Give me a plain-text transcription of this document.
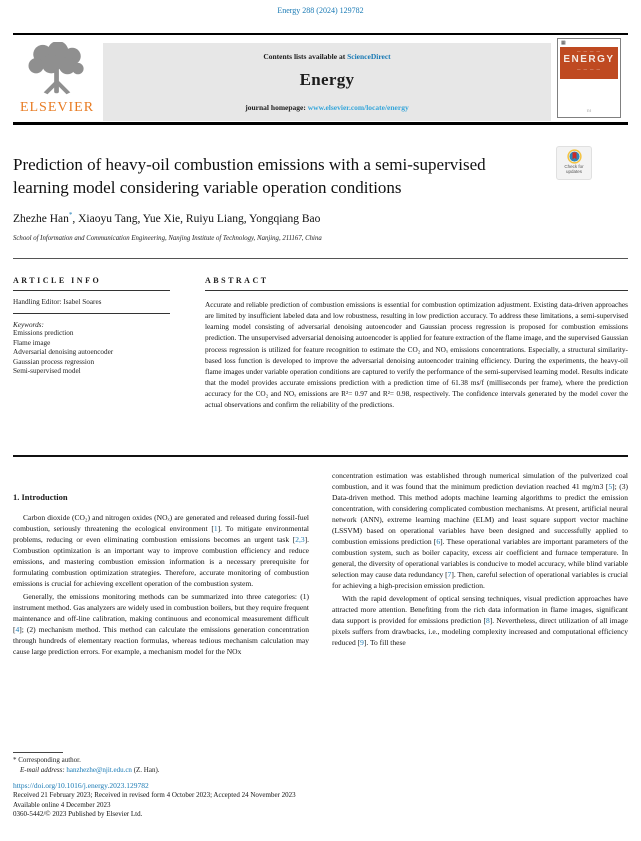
Energy 288 (2024) 129782
ELSEVIER
Contents lists available at ScienceDirect
Energy
journal homepage: www.elsevier.com/locate/energy
▦
— — — —
ENERGY
— — — —
⌇⌇⌇
Prediction of heavy-oil combustion emissions with a semi-supervised learning model considering variable operation conditions
Check for
updates
Zhezhe Han*, Xiaoyu Tang, Yue Xie, Ruiyu Liang, Yongqiang Bao
School of Information and Communication Engineering, Nanjing Institute of Technology, Nanjing, 211167, China
ARTICLE INFO
Handling Editor: Isabel Soares
Keywords:
Emissions prediction
Flame image
Adversarial denoising autoencoder
Gaussian process regression
Semi-supervised model
ABSTRACT
Accurate and reliable prediction of combustion emissions is essential for combustion optimization adjustment. Existing data-driven approaches are limited by insufficient labeled data and low robustness, resulting in low prediction accuracy. To address these limitations, a semi-supervised learning model consisting of adversarial denoising autoencoder and Gaussian process regression is proposed for combustion emissions prediction. The unsupervised adversarial denoising autoencoder is applied for feature extraction of the flame image, and the supervised Gaussian process regression is utilized for feature recognition to estimate the CO₂ and NOₓ emissions concentrations. Especially, a structural similarity-based loss function is developed to improve the adversarial denoising autoencoder training efficiency. During the experiments, the heavy-oil flame images under variable operation conditions are captured to verify the performance of the semi-supervised learning model. Results indicate that the model provides accurate emissions prediction with a prediction time of 61.38 ms/f (milliseconds per frame), where the prediction accuracy for the CO₂ and NOₓ emissions are R²= 0.97 and R²= 0.98, respectively. The confidence intervals generated by the model cover the actual observations and confirm the reliability of the predictions.
1. Introduction

Carbon dioxide (CO₂) and nitrogen oxides (NOₓ) are generated and released during fossil-fuel combustion, seriously threatening the ecological environment [1]. To mitigate environmental problems, reducing or even eliminating combustion emissions becomes an urgent task [2,3]. Combustion optimization is an important way to improve combustion efficiency and reduce emissions, and mastering combustion emission information is a necessary prerequisite for formulating combustion optimization strategies. Therefore, accurate monitoring of combustion emissions is crucial for achieving excellent operation of the combustion system.

Generally, the emissions monitoring methods can be summarized into three categories: (1) instrument method. Gas analyzers are widely used in combustion boilers, but they require frequent maintenance and off-line calibration, making continuous and economical measurement difficult [4]; (2) mechanism method. This method can calculate the emissions generation concentration through hundreds of elementary reaction formulas, whereas tedious mechanism calculation may cause large prediction errors. For example, a mechanism model for the NOx

concentration estimation was established through numerical simulation of the pulverized coal combustion, and it was found that the minimum prediction deviation reached 41 mg/m3 [5]; (3) Data-driven method. This method adopts machine learning algorithms to predict the emission concentration, with considering complicated combustion mechanisms. At present, artificial neural network (ANN), extreme learning machine (ELM) and least square support vector machine (LSSVM) based on operational variables have been designed and successfully applied to combustion emissions prediction [6]. These operational variables are important parameters of the combustion system, such as boiler capacity, excess air coefficient and furnace temperature. In general, the diversity of operational variables is conducive to model accuracy, while blind variable selection may cause data redundancy [7]. Then, careful selection of operational variables is crucial for achieving a high-precision emission prediction.

With the rapid development of optical sensing techniques, visual prediction approaches have attracted more attention. Benefiting from the rich data information in flame images, significant data support is provided for emissions prediction [8]. Nevertheless, direct utilization of all image pixels suffers from drawbacks, i.e., modeling complexity increased and computational efficiency reduced [9]. To fill these

* Corresponding author.
E-mail address: hanzhezhe@njit.edu.cn (Z. Han).
https://doi.org/10.1016/j.energy.2023.129782
Received 21 February 2023; Received in revised form 4 October 2023; Accepted 24 November 2023
Available online 4 December 2023
0360-5442/© 2023 Published by Elsevier Ltd.
